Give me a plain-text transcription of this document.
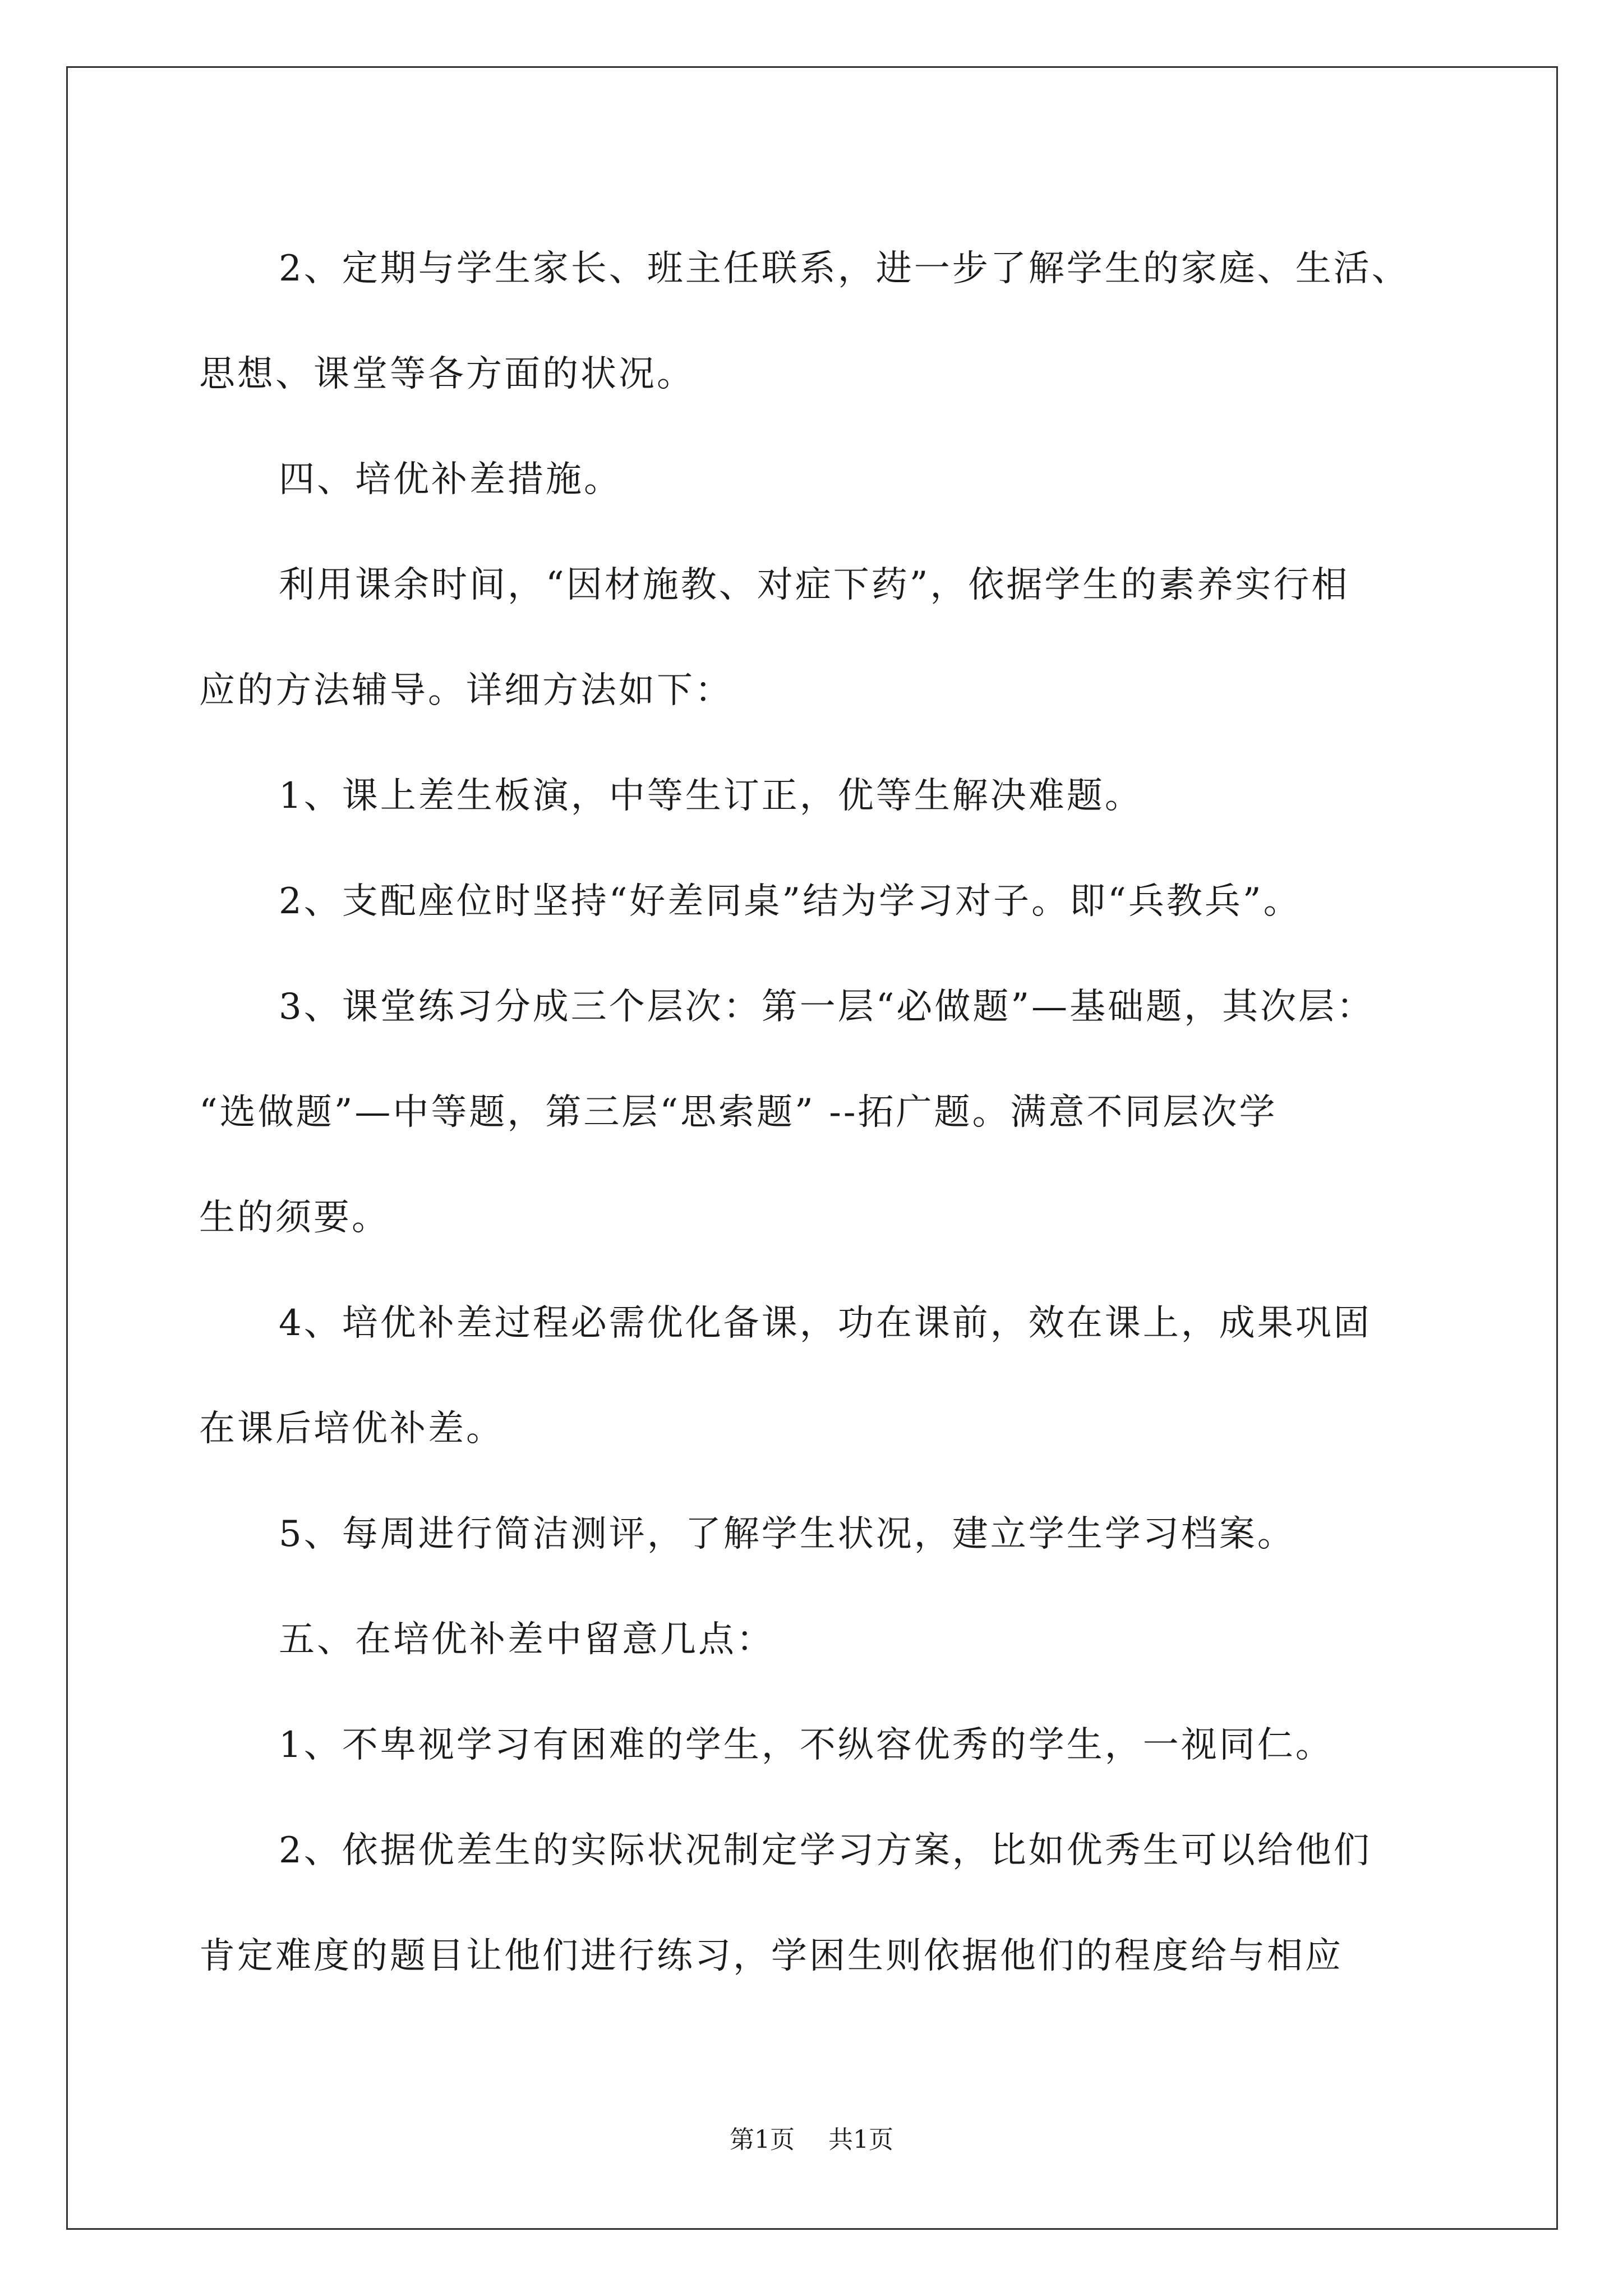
2、定期与学生家长、班主任联系，进一步了解学生的家庭、生活、

思想、课堂等各方面的状况。

四、培优补差措施。

利用课余时间，“因材施教、对症下药”，依据学生的素养实行相

应的方法辅导。详细方法如下：

1、课上差生板演，中等生订正，优等生解决难题。

2、支配座位时坚持“好差同桌”结为学习对子。即“兵教兵”。

3、课堂练习分成三个层次：第一层“必做题”—基础题，其次层：

“选做题”—中等题，第三层“思索题” --拓广题。满意不同层次学

生的须要。

4、培优补差过程必需优化备课，功在课前，效在课上，成果巩固

在课后培优补差。

5、每周进行简洁测评，了解学生状况，建立学生学习档案。

五、在培优补差中留意几点：

1、不卑视学习有困难的学生，不纵容优秀的学生，一视同仁。

2、依据优差生的实际状况制定学习方案，比如优秀生可以给他们

肯定难度的题目让他们进行练习，学困生则依据他们的程度给与相应

第1页 共1页
